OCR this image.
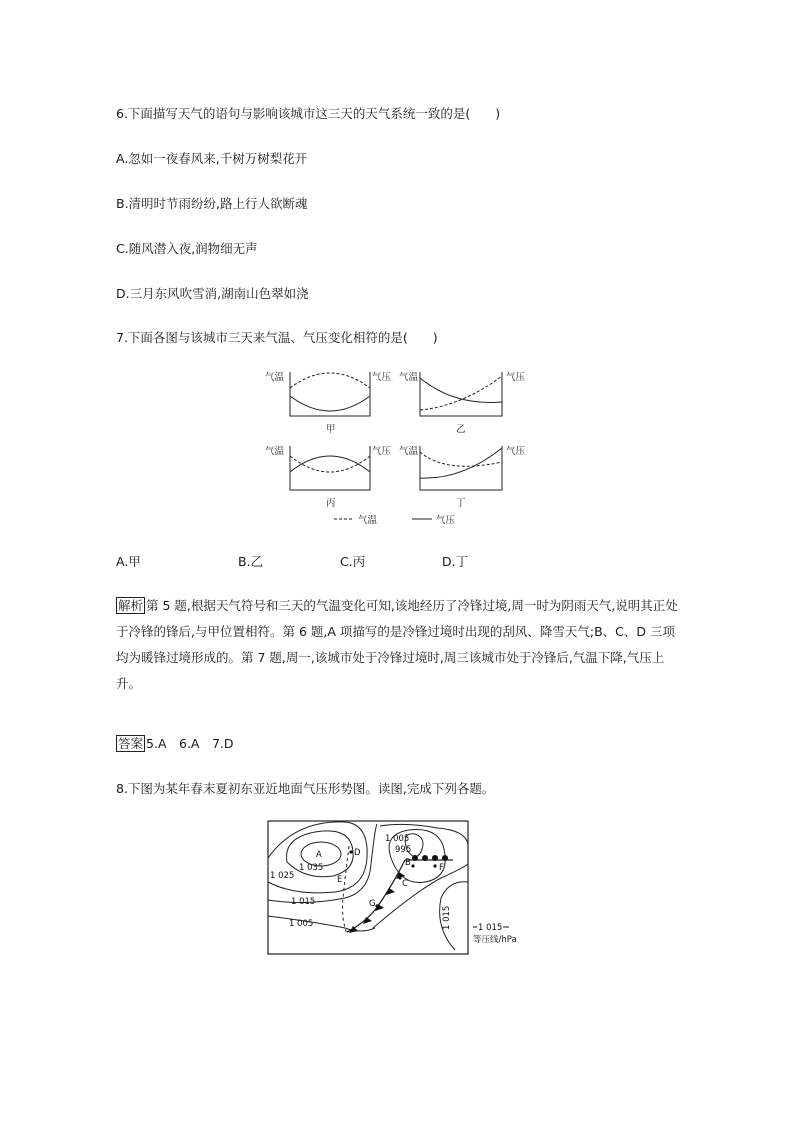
6.下面描写天气的语句与影响该城市这三天的天气系统一致的是(　　)
A.忽如一夜春风来,千树万树梨花开
B.清明时节雨纷纷,路上行人欲断魂
C.随风潜入夜,润物细无声
D.三月东风吹雪消,湖南山色翠如浇
7.下面各图与该城市三天来气温、气压变化相符的是(　　)
气温	气压
甲
气温	气压
乙
气温	气压
丙
气温	气压
丁
气温	气压
A.甲	B.乙	C.丙	D.丁
解析 第 5 题,根据天气符号和三天的气温变化可知,该地经历了冷锋过境,周一时为阴雨天气,说明其正处于冷锋的锋后,与甲位置相符。第 6 题,A 项描写的是冷锋过境时出现的刮风、降雪天气;B、C、D 三项均为暖锋过境形成的。第 7 题,周一,该城市处于冷锋过境时,周三该城市处于冷锋后,气温下降,气压上升。
答案 5.A　6.A　7.D
8.下图为某年春末夏初东亚近地面气压形势图。读图,完成下列各题。
A
B
C
D
E
F
G
1 005
1 035
1 025
1 015
1 005
995
1 015	1 015
等压线/hPa
